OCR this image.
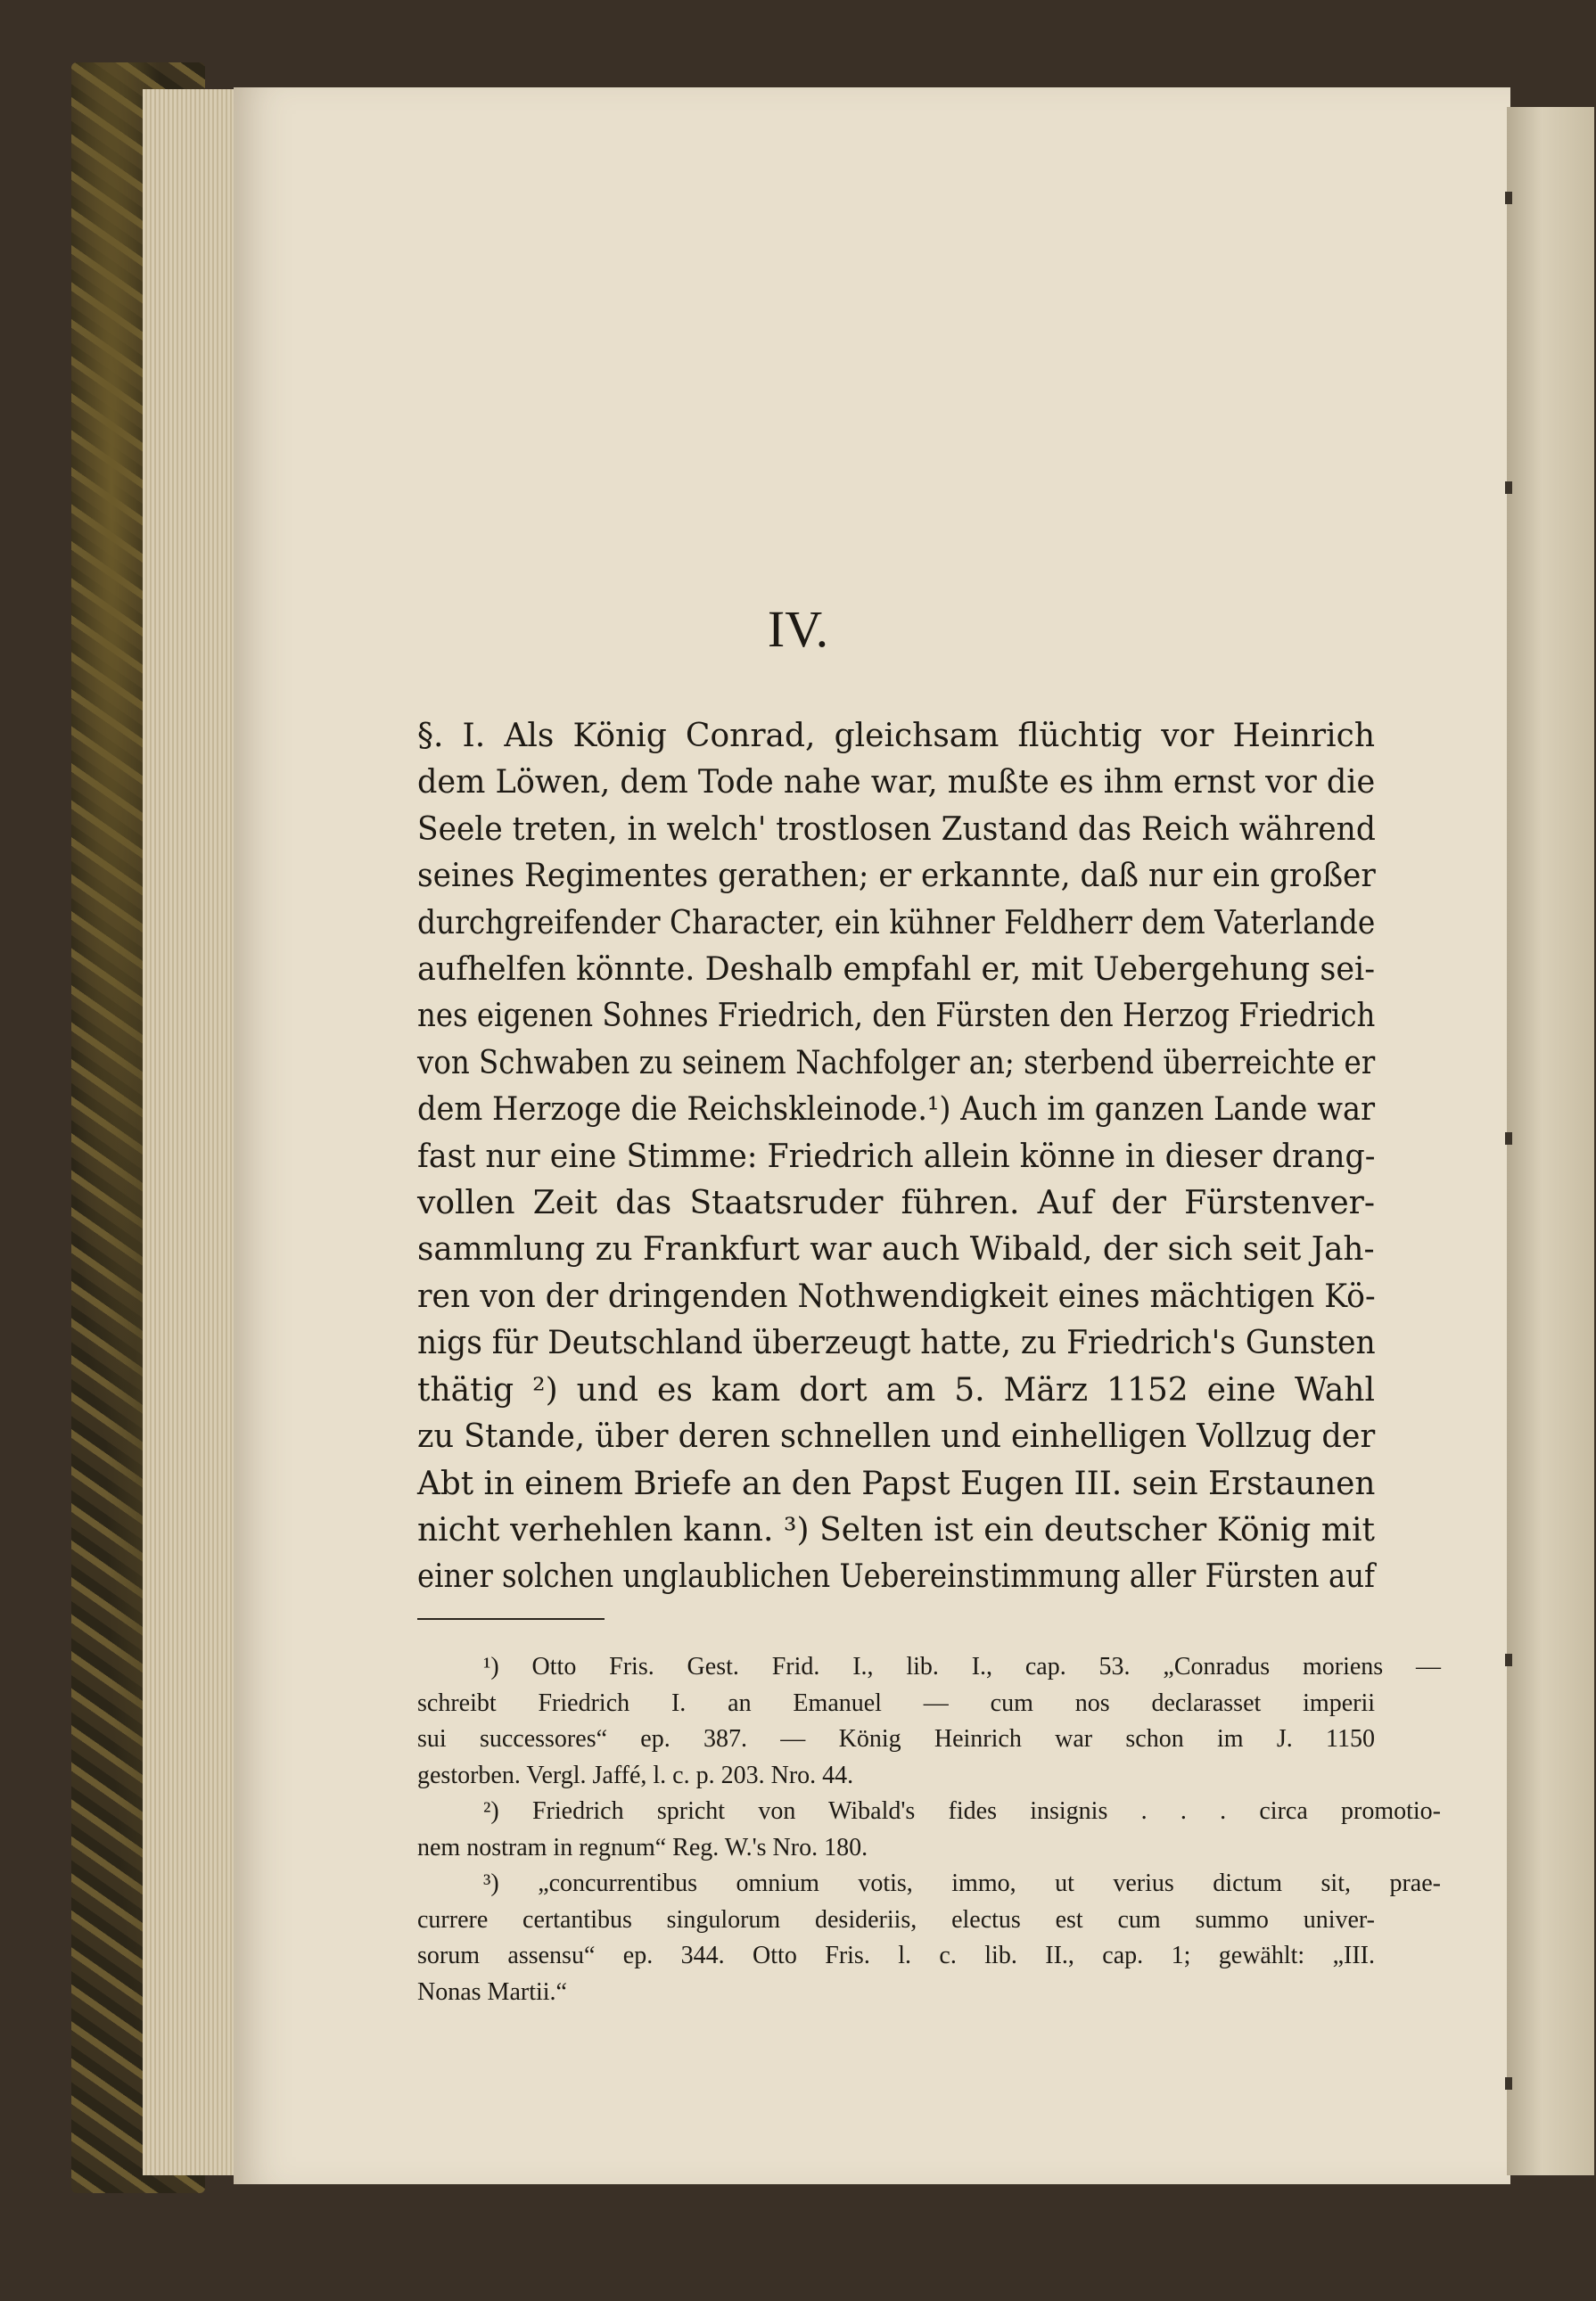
IV.
§. I. Als König Conrad, gleichsam flüchtig vor Heinrich
dem Löwen, dem Tode nahe war, mußte es ihm ernst vor die
Seele treten, in welch' trostlosen Zustand das Reich während
seines Regimentes gerathen; er erkannte, daß nur ein großer
durchgreifender Character, ein kühner Feldherr dem Vaterlande
aufhelfen könnte. Deshalb empfahl er, mit Uebergehung sei-
nes eigenen Sohnes Friedrich, den Fürsten den Herzog Friedrich
von Schwaben zu seinem Nachfolger an; sterbend überreichte er
dem Herzoge die Reichskleinode.¹) Auch im ganzen Lande war
fast nur eine Stimme: Friedrich allein könne in dieser drang-
vollen Zeit das Staatsruder führen. Auf der Fürstenver-
sammlung zu Frankfurt war auch Wibald, der sich seit Jah-
ren von der dringenden Nothwendigkeit eines mächtigen Kö-
nigs für Deutschland überzeugt hatte, zu Friedrich's Gunsten
thätig ²) und es kam dort am 5. März 1152 eine Wahl
zu Stande, über deren schnellen und einhelligen Vollzug der
Abt in einem Briefe an den Papst Eugen III. sein Erstaunen
nicht verhehlen kann. ³) Selten ist ein deutscher König mit
einer solchen unglaublichen Uebereinstimmung aller Fürsten auf
¹) Otto Fris. Gest. Frid. I., lib. I., cap. 53. „Conradus moriens —
schreibt Friedrich I. an Emanuel — cum nos declarasset imperii
sui successores“ ep. 387. — König Heinrich war schon im J. 1150
gestorben. Vergl. Jaffé, l. c. p. 203. Nro. 44.
²) Friedrich spricht von Wibald's fides insignis . . . circa promotio-
nem nostram in regnum“ Reg. W.'s Nro. 180.
³) „concurrentibus omnium votis, immo, ut verius dictum sit, prae-
currere certantibus singulorum desideriis, electus est cum summo univer-
sorum assensu“ ep. 344. Otto Fris. l. c. lib. II., cap. 1; gewählt: „III.
Nonas Martii.“
